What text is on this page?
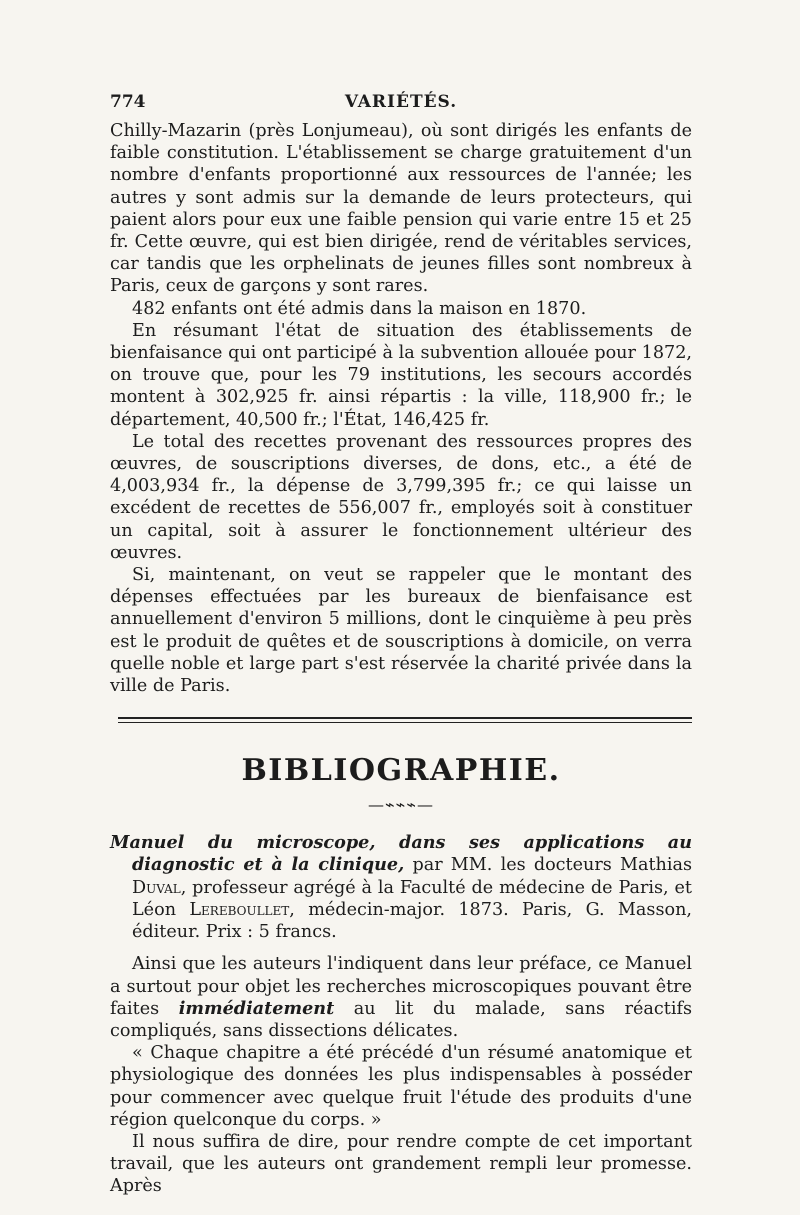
774	VARIÉTÉS.

Chilly-Mazarin (près Lonjumeau), où sont dirigés les enfants de faible constitution. L'établissement se charge gratuitement d'un nombre d'enfants proportionné aux ressources de l'année; les autres y sont admis sur la demande de leurs protecteurs, qui paient alors pour eux une faible pension qui varie entre 15 et 25 fr. Cette œuvre, qui est bien dirigée, rend de véritables services, car tandis que les orphelinats de jeunes filles sont nombreux à Paris, ceux de garçons y sont rares.

482 enfants ont été admis dans la maison en 1870.

En résumant l'état de situation des établissements de bienfaisance qui ont participé à la subvention allouée pour 1872, on trouve que, pour les 79 institutions, les secours accordés montent à 302,925 fr. ainsi répartis : la ville, 118,900 fr.; le département, 40,500 fr.; l'État, 146,425 fr.

Le total des recettes provenant des ressources propres des œuvres, de souscriptions diverses, de dons, etc., a été de 4,003,934 fr., la dépense de 3,799,395 fr.; ce qui laisse un excédent de recettes de 556,007 fr., employés soit à constituer un capital, soit à assurer le fonctionnement ultérieur des œuvres.

Si, maintenant, on veut se rappeler que le montant des dépenses effectuées par les bureaux de bienfaisance est annuellement d'environ 5 millions, dont le cinquième à peu près est le produit de quêtes et de souscriptions à domicile, on verra quelle noble et large part s'est réservée la charité privée dans la ville de Paris.

BIBLIOGRAPHIE.
—⌁⌁⌁—
Manuel du microscope, dans ses applications au diagnostic et à la clinique, par MM. les docteurs Mathias Duval, professeur agrégé à la Faculté de médecine de Paris, et Léon Lereboullet, médecin-major. 1873. Paris, G. Masson, éditeur. Prix : 5 francs.

Ainsi que les auteurs l'indiquent dans leur préface, ce Manuel a surtout pour objet les recherches microscopiques pouvant être faites immédiatement au lit du malade, sans réactifs compliqués, sans dissections délicates.

« Chaque chapitre a été précédé d'un résumé anatomique et physiologique des données les plus indispensables à posséder pour commencer avec quelque fruit l'étude des produits d'une région quelconque du corps. »

Il nous suffira de dire, pour rendre compte de cet important travail, que les auteurs ont grandement rempli leur promesse. Après
